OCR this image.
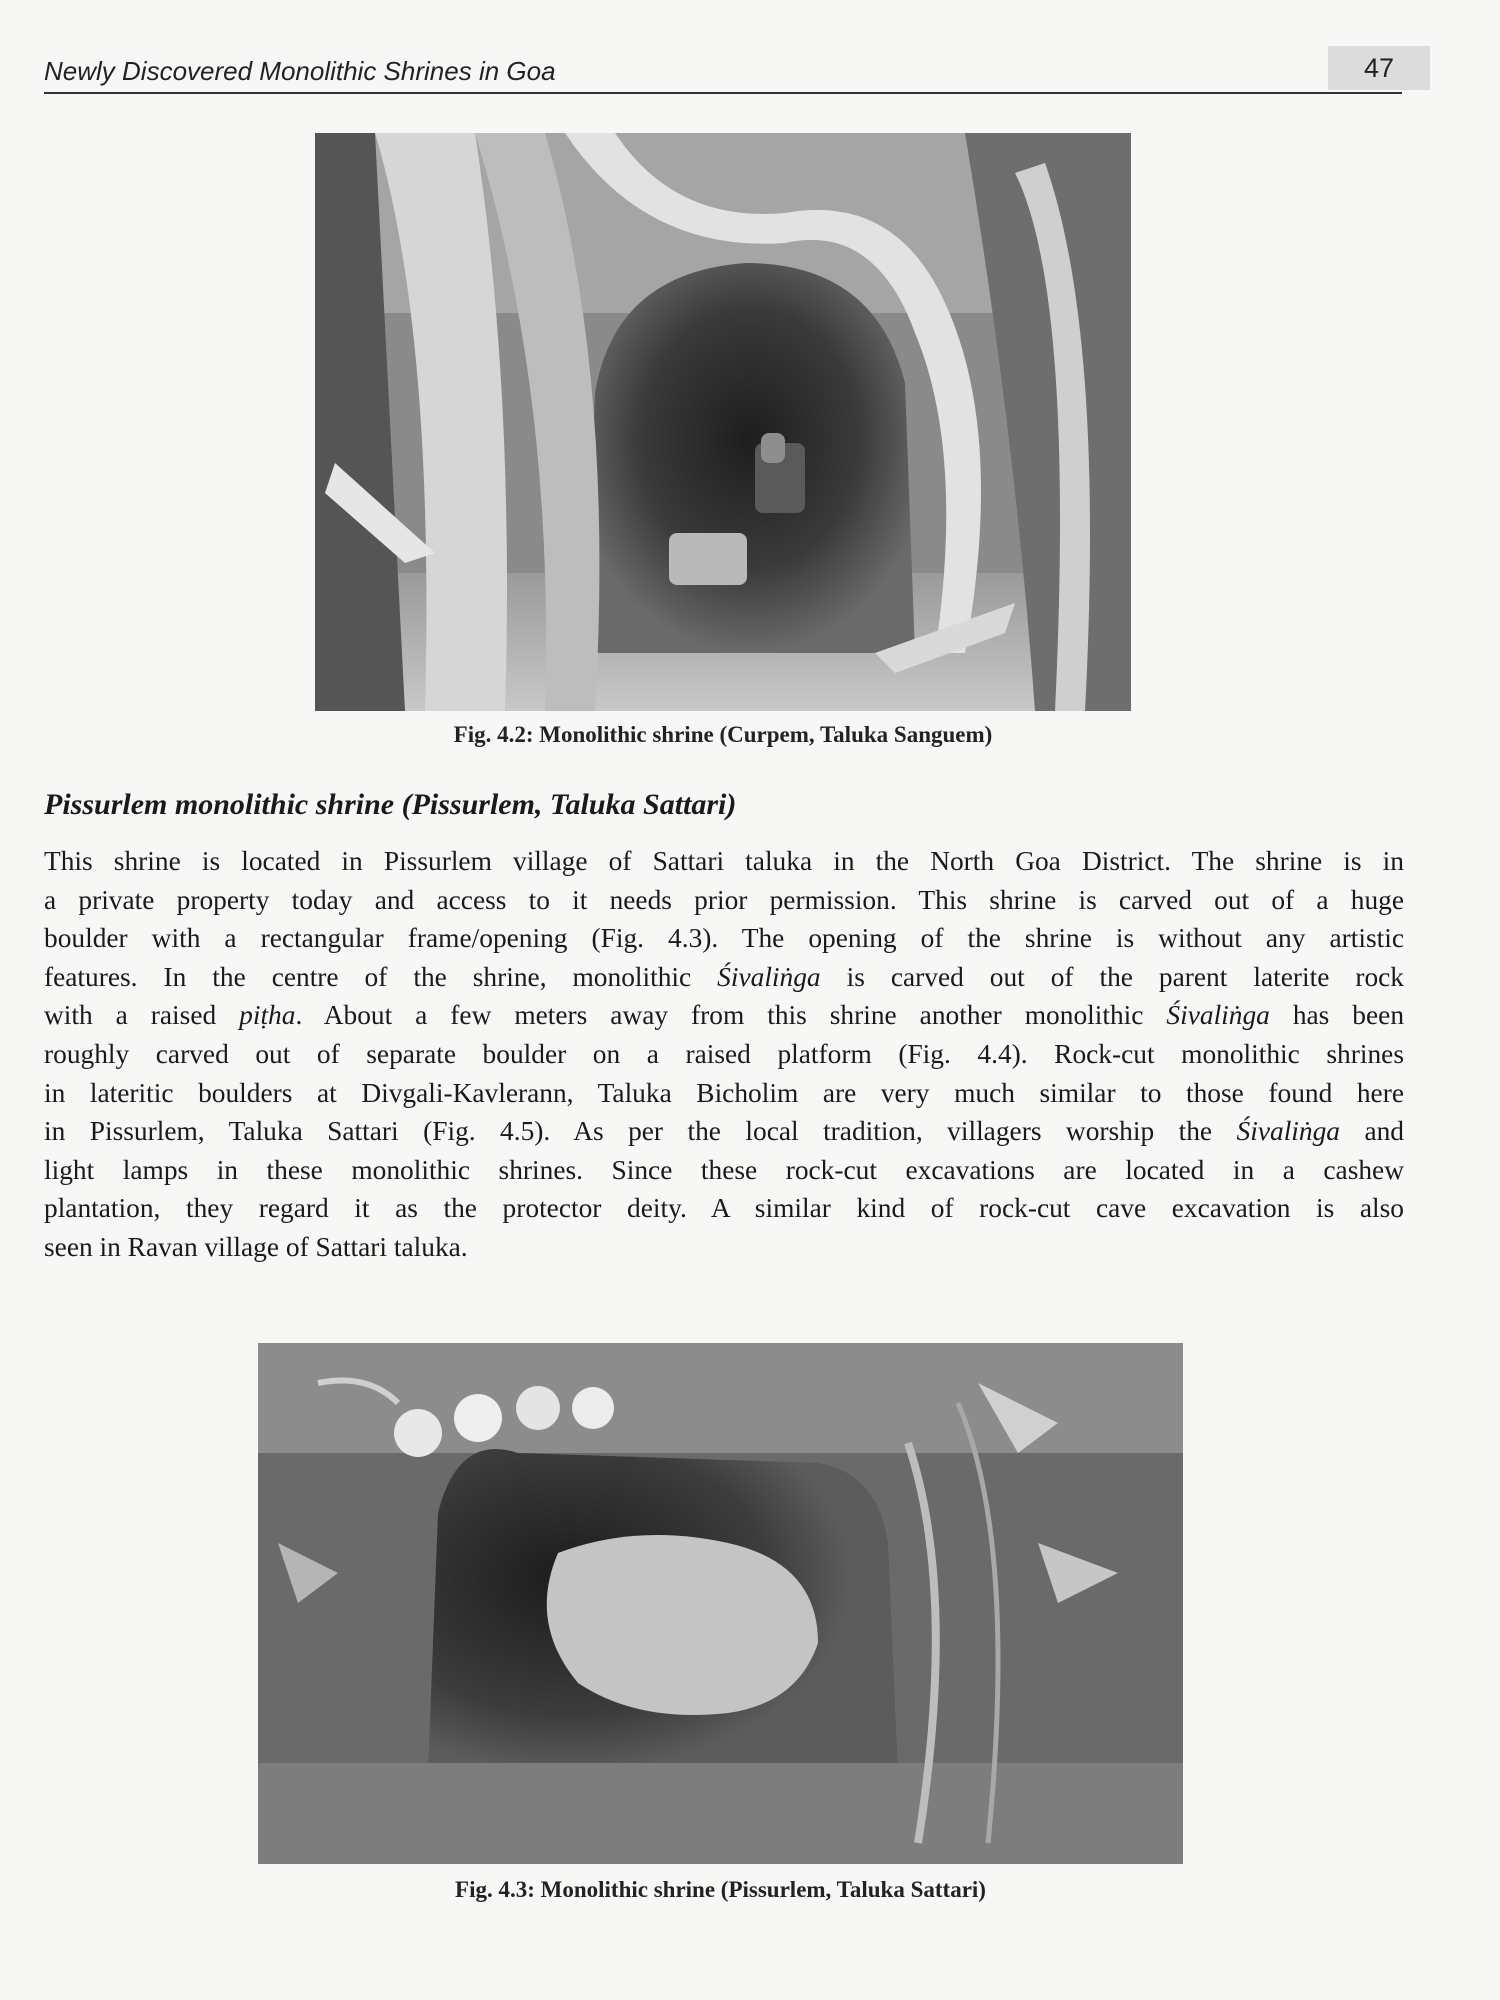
Newly Discovered Monolithic Shrines in Goa	47
Fig. 4.2: Monolithic shrine (Curpem, Taluka Sanguem)
Pissurlem monolithic shrine (Pissurlem, Taluka Sattari)
This shrine is located in Pissurlem village of Sattari taluka in the North Goa District. The shrine is in
a private property today and access to it needs prior permission. This shrine is carved out of a huge
boulder with a rectangular frame/opening (Fig. 4.3). The opening of the shrine is without any artistic
features. In the centre of the shrine, monolithic Śivaliṅga is carved out of the parent laterite rock
with a raised piṭha. About a few meters away from this shrine another monolithic Śivaliṅga has been
roughly carved out of separate boulder on a raised platform (Fig. 4.4). Rock-cut monolithic shrines
in lateritic boulders at Divgali-Kavlerann, Taluka Bicholim are very much similar to those found here
in Pissurlem, Taluka Sattari (Fig. 4.5). As per the local tradition, villagers worship the Śivaliṅga and
light lamps in these monolithic shrines. Since these rock-cut excavations are located in a cashew
plantation, they regard it as the protector deity. A similar kind of rock-cut cave excavation is also
seen in Ravan village of Sattari taluka.
Fig. 4.3: Monolithic shrine (Pissurlem, Taluka Sattari)
